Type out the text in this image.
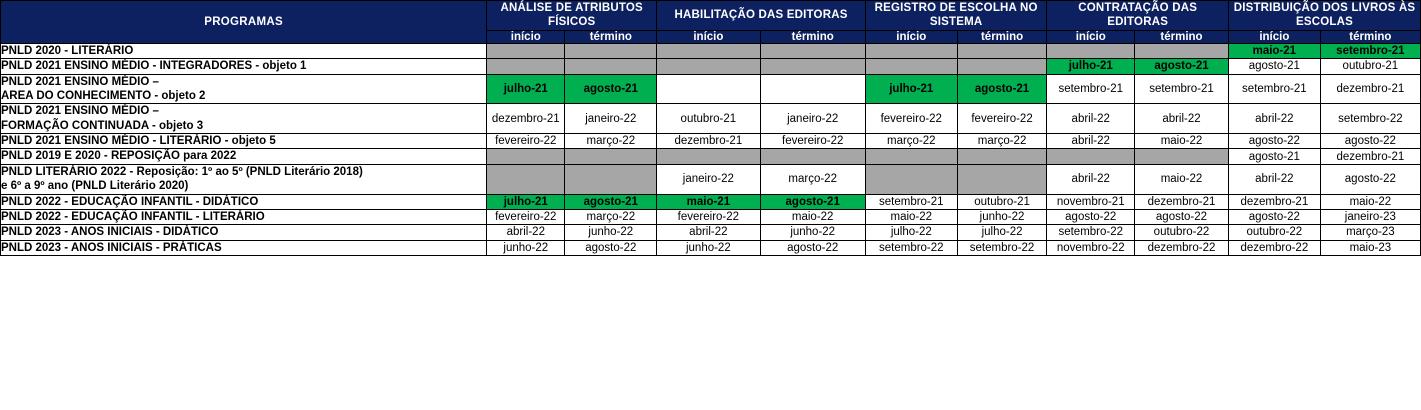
PROGRAMAS	ANÁLISE DE ATRIBUTOS FÍSICOS		HABILITAÇÃO DAS EDITORAS		REGISTRO DE ESCOLHA NO SISTEMA		CONTRATAÇÃO DAS EDITORAS		DISTRIBUIÇÃO DOS LIVROS ÀS ESCOLAS	
	início	término	início	término	início	término	início	término	início	término
PNLD 2020 - LITERÁRIO									maio-21	setembro-21
PNLD 2021 ENSINO MÉDIO - INTEGRADORES - objeto 1							julho-21	agosto-21	agosto-21	outubro-21
PNLD 2021 ENSINO MÉDIO –
AREA DO CONHECIMENTO - objeto 2	julho-21	agosto-21			julho-21	agosto-21	setembro-21	setembro-21	setembro-21	dezembro-21
PNLD 2021 ENSINO MÉDIO –
FORMAÇÃO CONTINUADA - objeto 3	dezembro-21	janeiro-22	outubro-21	janeiro-22	fevereiro-22	fevereiro-22	abril-22	abril-22	abril-22	setembro-22
PNLD 2021 ENSINO MÉDIO - LITERÁRIO - objeto 5	fevereiro-22	março-22	dezembro-21	fevereiro-22	março-22	março-22	abril-22	maio-22	agosto-22	agosto-22
PNLD 2019 E 2020 - REPOSIÇÃO para 2022									agosto-21	dezembro-21
PNLD LITERÁRIO 2022 - Reposição: 1º ao 5º (PNLD Literário 2018)
e 6º a 9º ano (PNLD Literário 2020)			janeiro-22	março-22			abril-22	maio-22	abril-22	agosto-22
PNLD 2022 - EDUCAÇÃO INFANTIL - DIDÁTICO	julho-21	agosto-21	maio-21	agosto-21	setembro-21	outubro-21	novembro-21	dezembro-21	dezembro-21	maio-22
PNLD 2022 - EDUCAÇÃO INFANTIL - LITERÁRIO	fevereiro-22	março-22	fevereiro-22	maio-22	maio-22	junho-22	agosto-22	agosto-22	agosto-22	janeiro-23
PNLD 2023 - ANOS INICIAIS - DIDÁTICO	abril-22	junho-22	abril-22	junho-22	julho-22	julho-22	setembro-22	outubro-22	outubro-22	março-23
PNLD 2023 - ANOS INICIAIS - PRÁTICAS	junho-22	agosto-22	junho-22	agosto-22	setembro-22	setembro-22	novembro-22	dezembro-22	dezembro-22	maio-23
